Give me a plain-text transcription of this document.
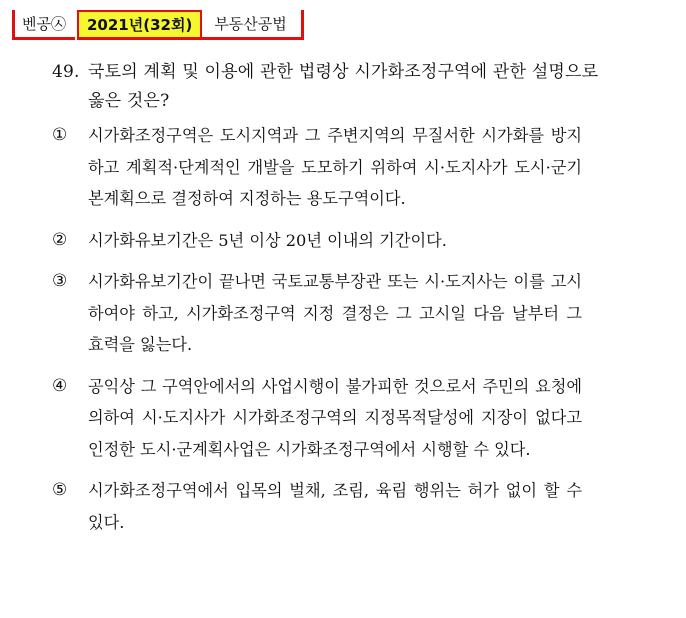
벤공㉦	2021년(32회)	부동산공법
49. 국토의 계획 및 이용에 관한 법령상 시가화조정구역에 관한 설명으로 옳은 것은?
①	시가화조정구역은 도시지역과 그 주변지역의 무질서한 시가화를 방지하고 계획적·단계적인 개발을 도모하기 위하여 시·도지사가 도시·군기본계획으로 결정하여 지정하는 용도구역이다.
②	시가화유보기간은 5년 이상 20년 이내의 기간이다.
③	시가화유보기간이 끝나면 국토교통부장관 또는 시·도지사는 이를 고시하여야 하고, 시가화조정구역 지정 결정은 그 고시일 다음 날부터 그 효력을 잃는다.
④	공익상 그 구역안에서의 사업시행이 불가피한 것으로서 주민의 요청에 의하여 시·도지사가 시가화조정구역의 지정목적달성에 지장이 없다고 인정한 도시·군계획사업은 시가화조정구역에서 시행할 수 있다.
⑤	시가화조정구역에서 입목의 벌채, 조림, 육림 행위는 허가 없이 할 수 있다.
